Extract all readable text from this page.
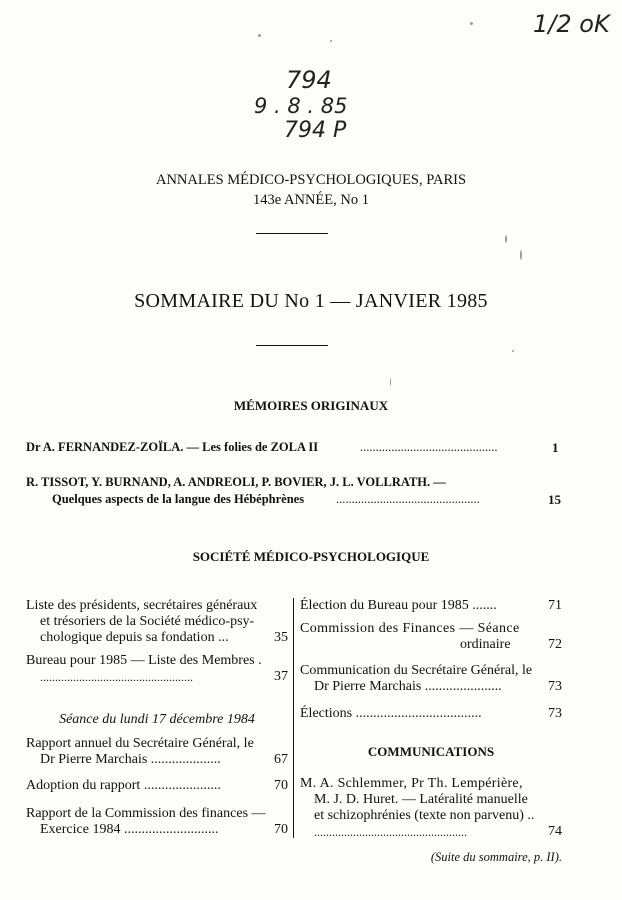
1/2 oK
794
9 . 8 . 85
794 P
ANNALES MÉDICO-PSYCHOLOGIQUES, PARIS
143e ANNÉE, No 1
SOMMAIRE DU No 1 — JANVIER 1985
MÉMOIRES ORIGINAUX
Dr A. FERNANDEZ-ZOÏLA. — Les folies de ZOLA II	............................................	1
R. TISSOT, Y. BURNAND, A. ANDREOLI, P. BOVIER, J. L. VOLLRATH. —
Quelques aspects de la langue des Hébéphrènes	..............................................	15
SOCIÉTÉ MÉDICO-PSYCHOLOGIQUE
Liste des présidents, secrétaires généraux
et trésoriers de la Société médico-psy-
chologique depuis sa fondation ...	35
Bureau pour 1985 — Liste des Membres .
...................................................	37
Séance du lundi 17 décembre 1984
Rapport annuel du Secrétaire Général, le
Dr Pierre Marchais ....................	67
Adoption du rapport ......................	70
Rapport de la Commission des finances —
Exercice 1984 ...........................	70
Élection du Bureau pour 1985 .......	71
Commission des Finances — Séance
ordinaire	72
Communication du Secrétaire Général, le
Dr Pierre Marchais ......................	73
Élections ....................................	73
COMMUNICATIONS
M. A. Schlemmer, Pr Th. Lempérière,
M. J. D. Huret. — Latéralité manuelle
et schizophrénies (texte non parvenu) ..
...................................................	74
(Suite du sommaire, p. II).
